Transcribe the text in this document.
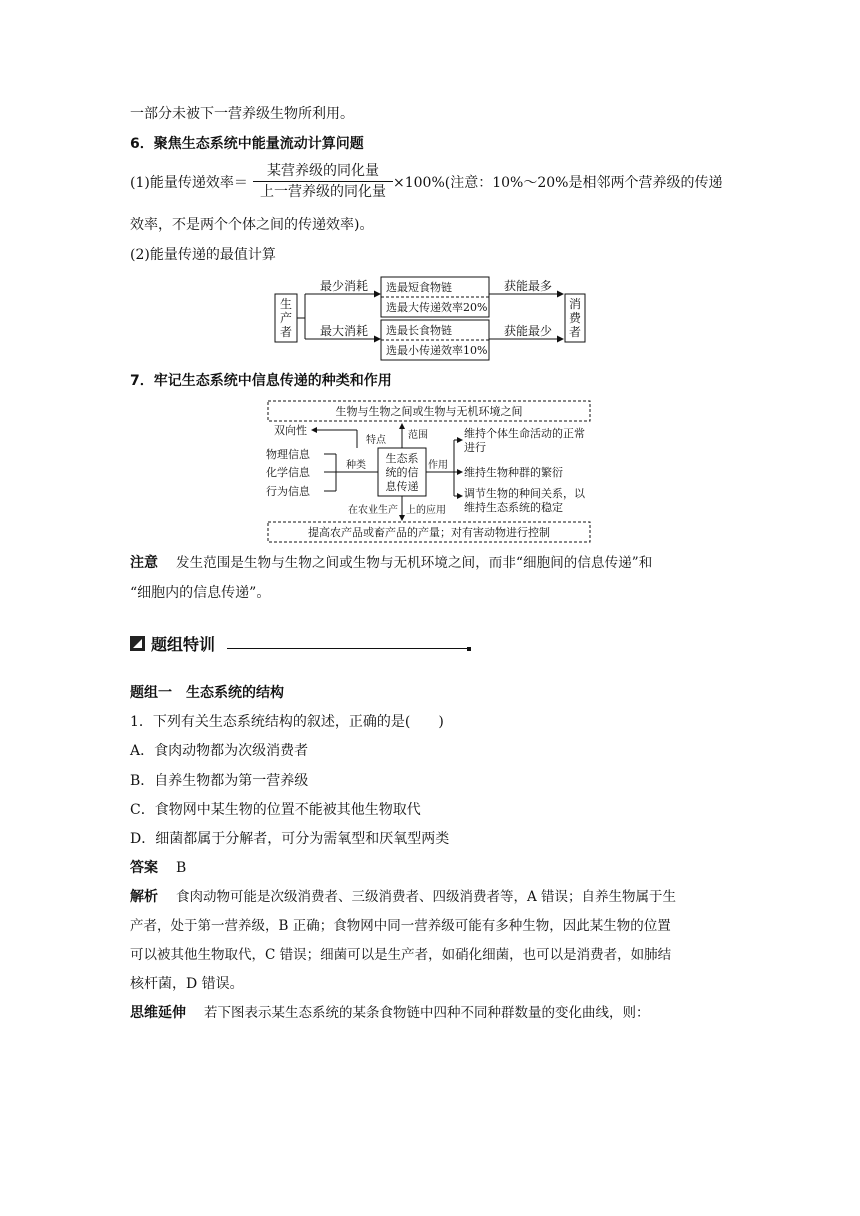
一部分未被下一营养级生物所利用。
6．聚焦生态系统中能量流动计算问题
(1)能量传递效率＝
某营养级的同化量
上一营养级的同化量
×100%(注意：10%～20%是相邻两个营养级的传递
效率，不是两个个体之间的传递效率)。
(2)能量传递的最值计算
生
产
者
最少消耗
最大消耗
选最短食物链
选最大传递效率20%
选最长食物链
选最小传递效率10%
获能最多
获能最少
消
费
者
7．牢记生态系统中信息传递的种类和作用
生物与生物之间或生物与无机环境之间
范围
双向性
特点
物理信息
化学信息
行为信息
种类
生态系
统的信
息传递
作用
维持个体生命活动的正常
进行
维持生物种群的繁衍
调节生物的种间关系，以
维持生态系统的稳定
在农业生产 上的应用
提高农产品或畜产品的产量；对有害动物进行控制
注意 发生范围是生物与生物之间或生物与无机环境之间，而非“细胞间的信息传递”和
“细胞内的信息传递”。
题组特训
题组一　生态系统的结构
1．下列有关生态系统结构的叙述，正确的是(　　)
A．食肉动物都为次级消费者
B．自养生物都为第一营养级
C．食物网中某生物的位置不能被其他生物取代
D．细菌都属于分解者，可分为需氧型和厌氧型两类
答案 B
解析 食肉动物可能是次级消费者、三级消费者、四级消费者等，A 错误；自养生物属于生
产者，处于第一营养级，B 正确；食物网中同一营养级可能有多种生物，因此某生物的位置
可以被其他生物取代，C 错误；细菌可以是生产者，如硝化细菌，也可以是消费者，如肺结
核杆菌，D 错误。
思维延伸 若下图表示某生态系统的某条食物链中四种不同种群数量的变化曲线，则：
